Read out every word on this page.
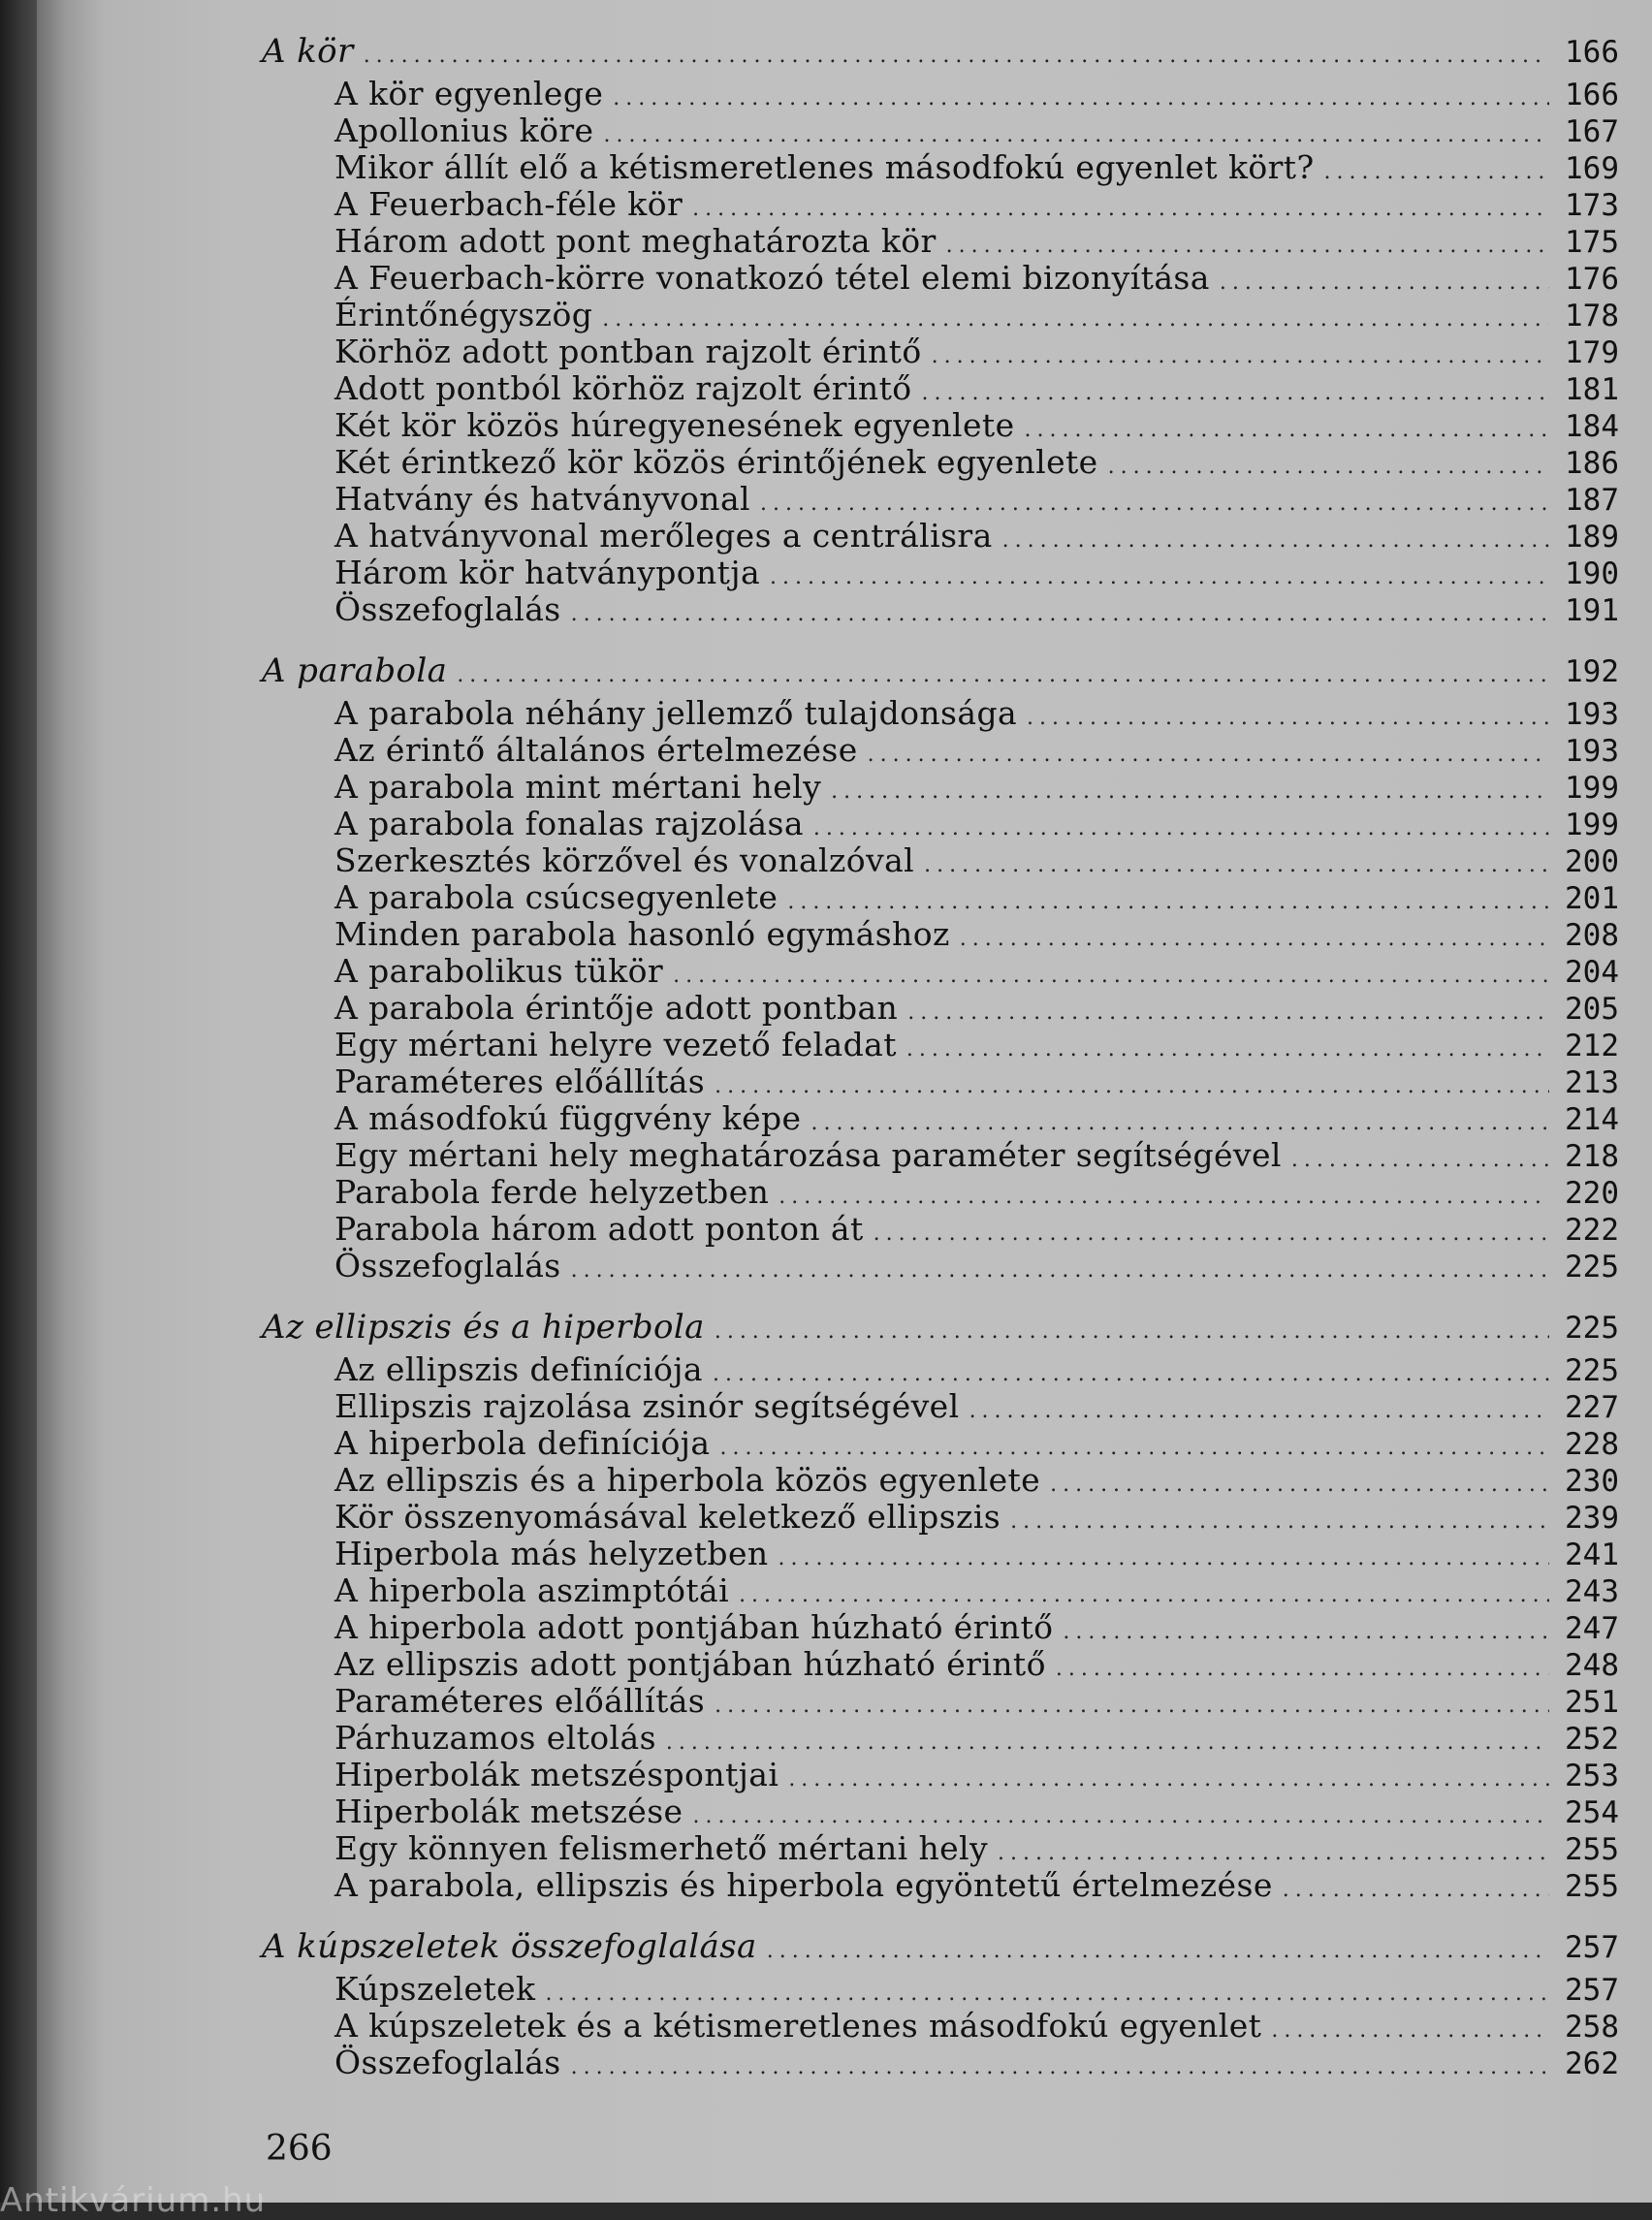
A kör .....	166
A kör egyenlege .....	166
Apollonius köre .....	167
Mikor állít elő a kétismeretlenes másodfokú egyenlet kört? .....	169
A Feuerbach-féle kör .....	173
Három adott pont meghatározta kör .....	175
A Feuerbach-körre vonatkozó tétel elemi bizonyítása .....	176
Érintőnégyszög .....	178
Körhöz adott pontban rajzolt érintő .....	179
Adott pontból körhöz rajzolt érintő .....	181
Két kör közös húregyenesének egyenlete .....	184
Két érintkező kör közös érintőjének egyenlete .....	186
Hatvány és hatványvonal .....	187
A hatványvonal merőleges a centrálisra .....	189
Három kör hatványpontja .....	190
Összefoglalás .....	191
A parabola .....	192
A parabola néhány jellemző tulajdonsága .....	193
Az érintő általános értelmezése .....	193
A parabola mint mértani hely .....	199
A parabola fonalas rajzolása .....	199
Szerkesztés körzővel és vonalzóval .....	200
A parabola csúcsegyenlete .....	201
Minden parabola hasonló egymáshoz .....	208
A parabolikus tükör .....	204
A parabola érintője adott pontban .....	205
Egy mértani helyre vezető feladat .....	212
Paraméteres előállítás .....	213
A másodfokú függvény képe .....	214
Egy mértani hely meghatározása paraméter segítségével .....	218
Parabola ferde helyzetben .....	220
Parabola három adott ponton át .....	222
Összefoglalás .....	225
Az ellipszis és a hiperbola .....	225
Az ellipszis definíciója .....	225
Ellipszis rajzolása zsinór segítségével .....	227
A hiperbola definíciója .....	228
Az ellipszis és a hiperbola közös egyenlete .....	230
Kör összenyomásával keletkező ellipszis .....	239
Hiperbola más helyzetben .....	241
A hiperbola aszimptótái .....	243
A hiperbola adott pontjában húzható érintő .....	247
Az ellipszis adott pontjában húzható érintő .....	248
Paraméteres előállítás .....	251
Párhuzamos eltolás .....	252
Hiperbolák metszéspontjai .....	253
Hiperbolák metszése .....	254
Egy könnyen felismerhető mértani hely .....	255
A parabola, ellipszis és hiperbola egyöntetű értelmezése .....	255
A kúpszeletek összefoglalása .....	257
Kúpszeletek .....	257
A kúpszeletek és a kétismeretlenes másodfokú egyenlet .....	258
Összefoglalás .....	262
266
Antikvárium.hu
